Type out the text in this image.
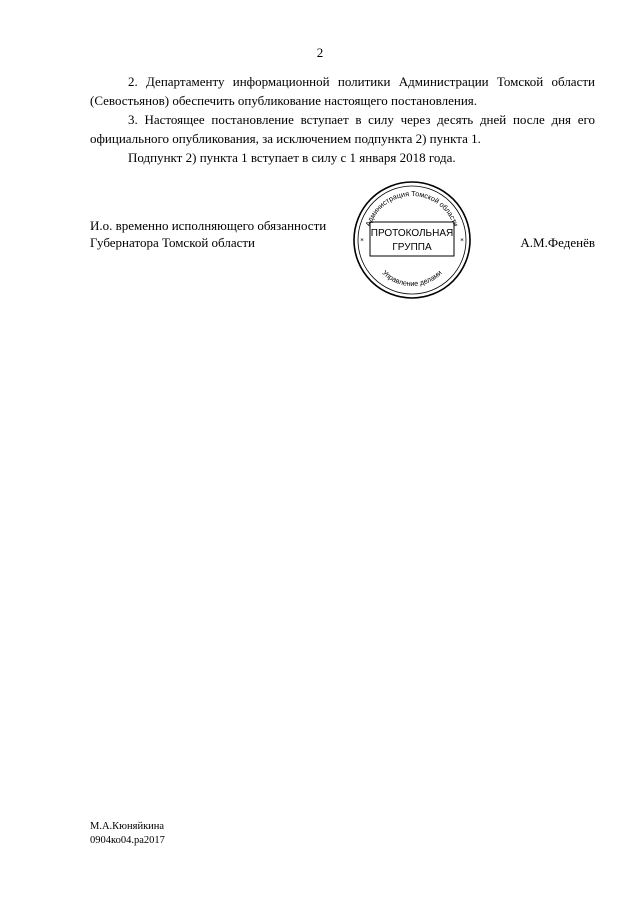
2

2. Департаменту информационной политики Администрации Томской области (Севостьянов) обеспечить опубликование настоящего постановления.

3. Настоящее постановление вступает в силу через десять дней после дня его официального опубликования, за исключением подпункта 2) пункта 1.

Подпункт 2) пункта 1 вступает в силу с 1 января 2018 года.

И.о. временно исполняющего обязанности
Губернатора Томской области	А.М.Феденёв
Администрация Томской области
Управление делами
*	*
ПРОТОКОЛЬНАЯ
ГРУППА
М.А.Кюняйкина
0904ко04.ра2017
